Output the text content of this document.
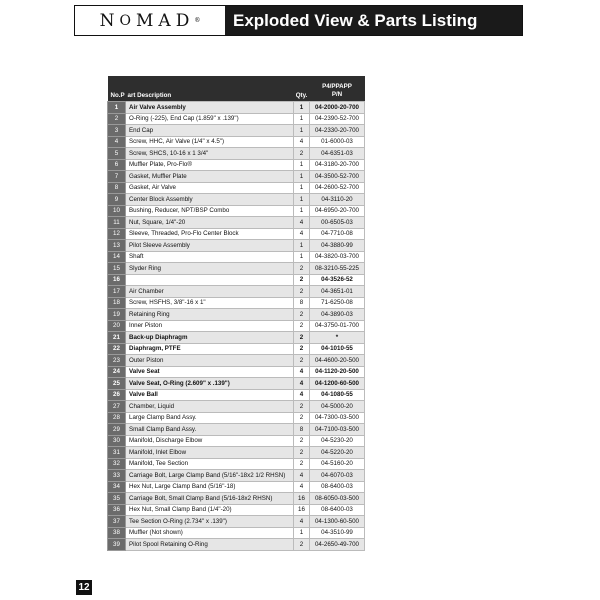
N O M A D ®	Exploded View & Parts Listing
No.P	art Description	Qty.	P4/PPAPP
P/N
1	Air Valve Assembly	1	04-2000-20-700
2	O-Ring (-225), End Cap (1.859" x .139")	1	04-2390-52-700
3	End Cap	1	04-2330-20-700
4	Screw, HHC, Air Valve (1/4" x 4.5")	4	01-6000-03
5	Screw, SHCS, 10-16 x 1 3/4"	2	04-6351-03
6	Muffler Plate, Pro-Flo®	1	04-3180-20-700
7	Gasket, Muffler Plate	1	04-3500-52-700
8	Gasket, Air Valve	1	04-2600-52-700
9	Center Block Assembly	1	04-3110-20
10	Bushing, Reducer, NPT/BSP Combo	1	04-6950-20-700
11	Nut, Square, 1/4"-20	4	00-6505-03
12	Sleeve, Threaded, Pro-Flo Center Block	4	04-7710-08
13	Pilot Sleeve Assembly	1	04-3880-99
14	Shaft	1	04-3820-03-700
15	Slyder Ring	2	08-3210-55-225
16		2	04-3526-52
17	Air Chamber	2	04-3651-01
18	Screw, HSFHS, 3/8"-16 x 1"	8	71-6250-08
19	Retaining Ring	2	04-3890-03
20	Inner Piston	2	04-3750-01-700
21	Back-up Diaphragm	2	*
22	Diaphragm, PTFE	2	04-1010-55
23	Outer Piston	2	04-4600-20-500
24	Valve Seat	4	04-1120-20-500
25	Valve Seat, O-Ring (2.609" x .139")	4	04-1200-60-500
26	Valve Ball	4	04-1080-55
27	Chamber, Liquid	2	04-5000-20
28	Large Clamp Band Assy.	2	04-7300-03-500
29	Small Clamp Band Assy.	8	04-7100-03-500
30	Manifold, Discharge Elbow	2	04-5230-20
31	Manifold, Inlet Elbow	2	04-5220-20
32	Manifold, Tee Section	2	04-5160-20
33	Carriage Bolt, Large Clamp Band (5/16"-18x2 1/2 RHSN)	4	04-6070-03
34	Hex Nut, Large Clamp Band (5/16"-18)	4	08-6400-03
35	Carriage Bolt, Small Clamp Band (5/16-18x2 RHSN)	16	08-6050-03-500
36	Hex Nut, Small Clamp Band (1/4"-20)	16	08-6400-03
37	Tee Section O-Ring (2.734" x .139")	4	04-1300-60-500
38	Muffler (Not shown)	1	04-3510-99
39	Pilot Spool Retaining O-Ring	2	04-2650-49-700
12
